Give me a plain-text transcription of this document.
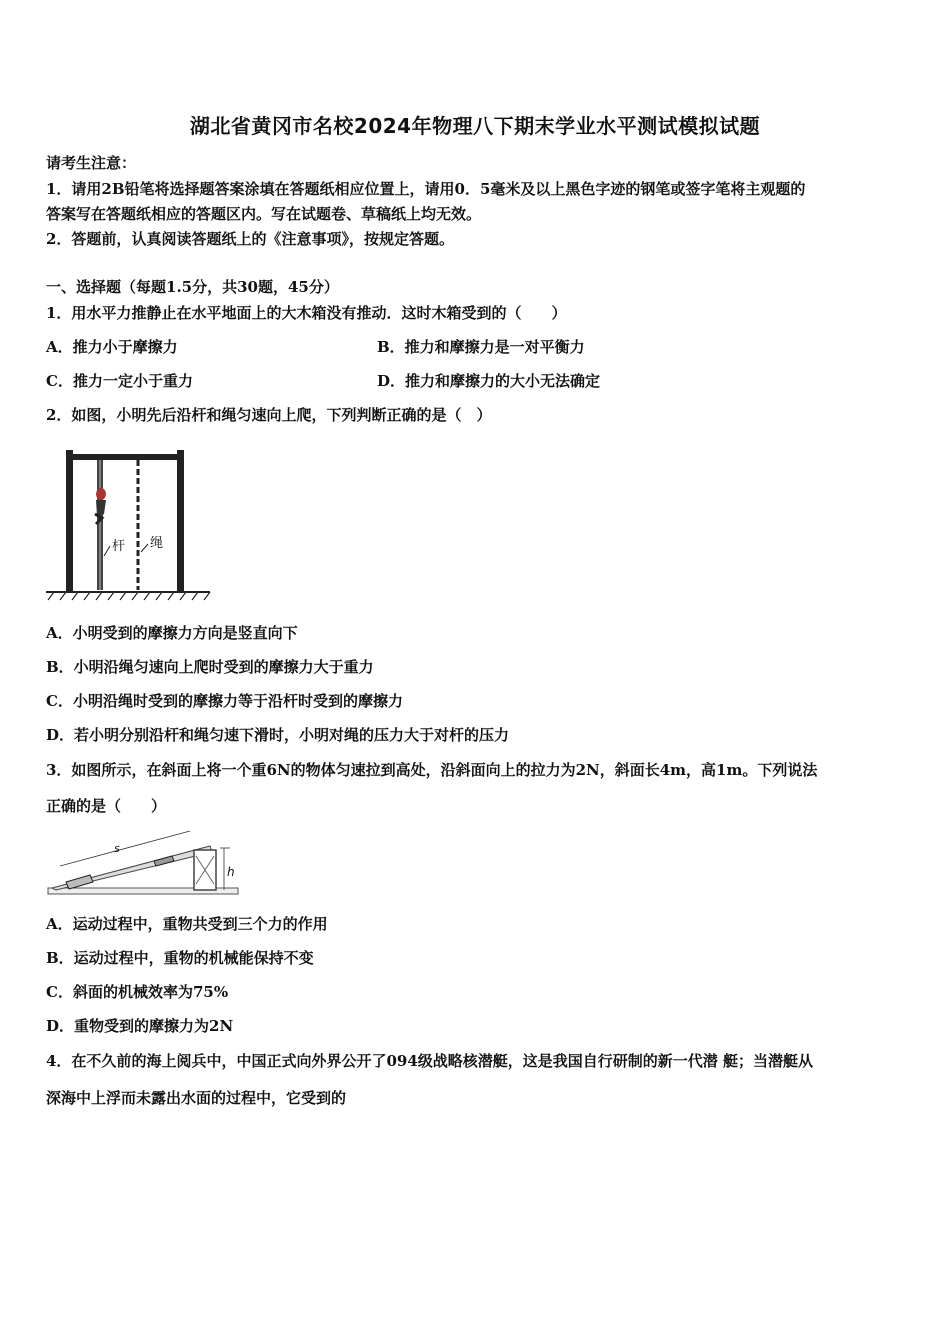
湖北省黄冈市名校2024年物理八下期末学业水平测试模拟试题
请考生注意：
1．请用2B铅笔将选择题答案涂填在答题纸相应位置上，请用0．5毫米及以上黑色字迹的钢笔或签字笔将主观题的
答案写在答题纸相应的答题区内。写在试题卷、草稿纸上均无效。
2．答题前，认真阅读答题纸上的《注意事项》，按规定答题。
一、选择题（每题1.5分，共30题，45分）
1．用水平力推静止在水平地面上的大木箱没有推动．这时木箱受到的（　　）
A．推力小于摩擦力	B．推力和摩擦力是一对平衡力
C．推力一定小于重力	D．推力和摩擦力的大小无法确定
2．如图，小明先后沿杆和绳匀速向上爬，下列判断正确的是（　）
杆 绳
A．小明受到的摩擦力方向是竖直向下
B．小明沿绳匀速向上爬时受到的摩擦力大于重力
C．小明沿绳时受到的摩擦力等于沿杆时受到的摩擦力
D．若小明分别沿杆和绳匀速下滑时，小明对绳的压力大于对杆的压力
3．如图所示，在斜面上将一个重6N的物体匀速拉到高处，沿斜面向上的拉力为2N，斜面长4m，高1m。下列说法
正确的是（　　）
s
h
A．运动过程中，重物共受到三个力的作用
B．运动过程中，重物的机械能保持不变
C．斜面的机械效率为75%
D．重物受到的摩擦力为2N
4．在不久前的海上阅兵中，中国正式向外界公开了094级战略核潜艇，这是我国自行研制的新一代潜 艇；当潜艇从
深海中上浮而未露出水面的过程中，它受到的
